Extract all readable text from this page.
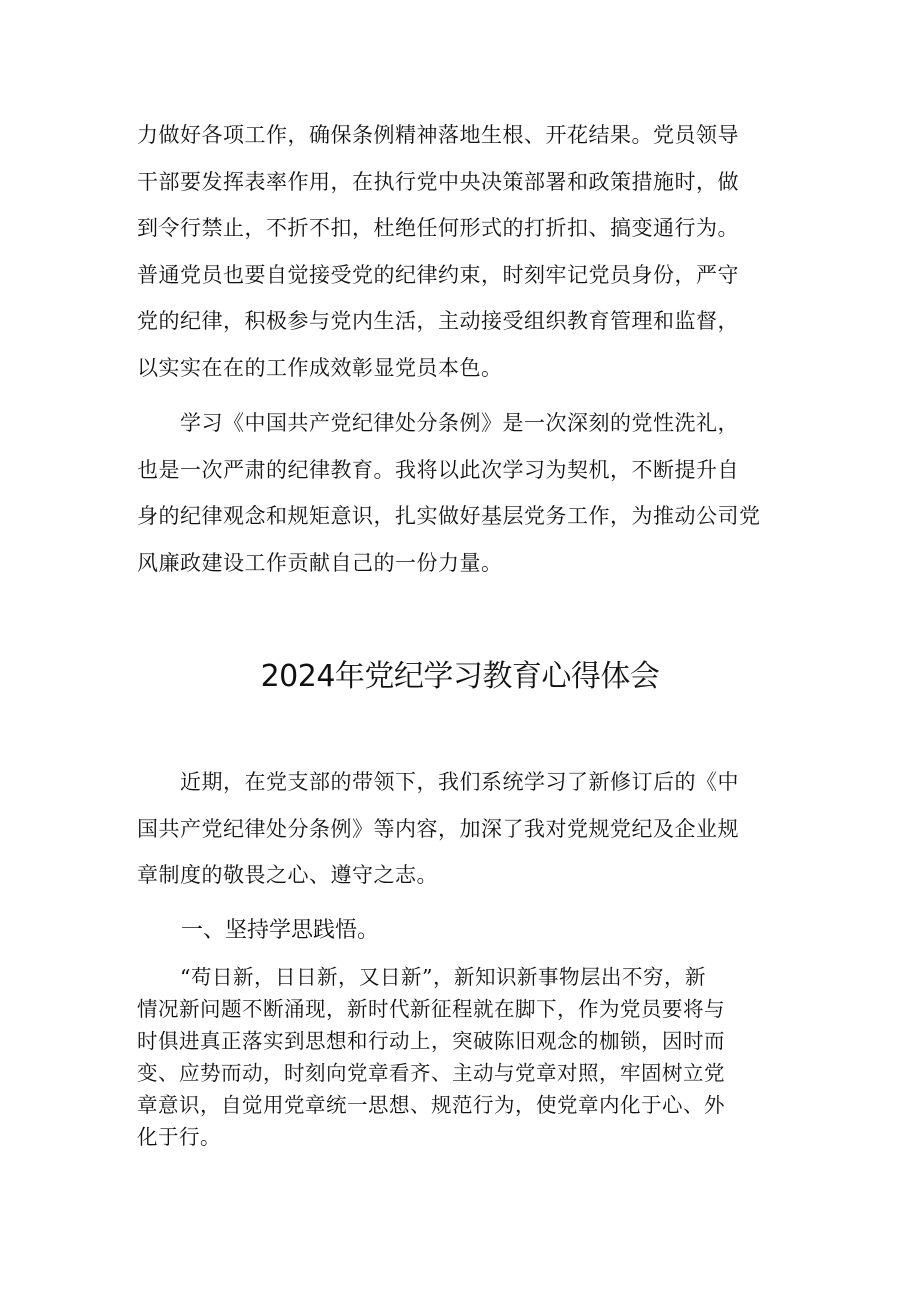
力做好各项工作，确保条例精神落地生根、开花结果。党员领导
干部要发挥表率作用，在执行党中央决策部署和政策措施时，做
到令行禁止，不折不扣，杜绝任何形式的打折扣、搞变通行为。
普通党员也要自觉接受党的纪律约束，时刻牢记党员身份，严守
党的纪律，积极参与党内生活，主动接受组织教育管理和监督，
以实实在在的工作成效彰显党员本色。

学习《中国共产党纪律处分条例》是一次深刻的党性洗礼，
也是一次严肃的纪律教育。我将以此次学习为契机，不断提升自
身的纪律观念和规矩意识，扎实做好基层党务工作，为推动公司党
风廉政建设工作贡献自己的一份力量。

2024年党纪学习教育心得体会

近期，在党支部的带领下，我们系统学习了新修订后的《中
国共产党纪律处分条例》等内容，加深了我对党规党纪及企业规
章制度的敬畏之心、遵守之志。

一、坚持学思践悟。

“苟日新，日日新，又日新”，新知识新事物层出不穷，新
情况新问题不断涌现，新时代新征程就在脚下，作为党员要将与
时俱进真正落实到思想和行动上，突破陈旧观念的枷锁，因时而
变、应势而动，时刻向党章看齐、主动与党章对照，牢固树立党
章意识，自觉用党章统一思想、规范行为，使党章内化于心、外
化于行。
